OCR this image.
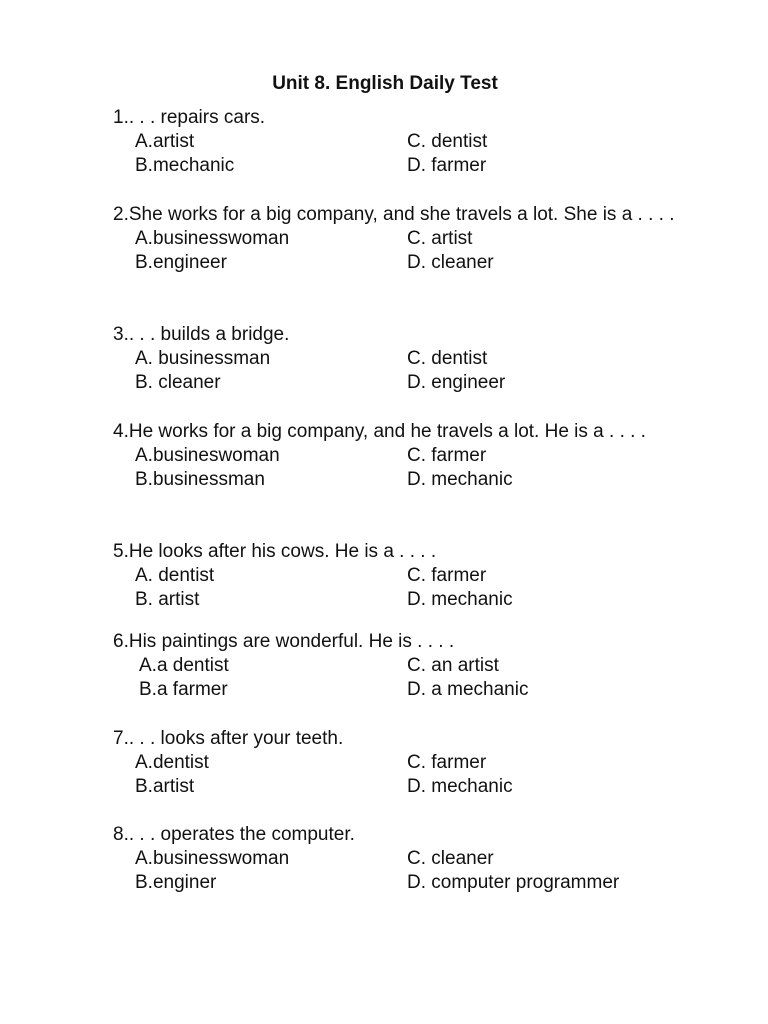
Unit 8. English Daily Test
1. . . . repairs cars.
A.artist	C. dentist
B.mechanic	D. farmer
2. She works for a big company, and she travels a lot. She is a . . . .
A.businesswoman	C. artist
B.engineer	D. cleaner
3. . . . builds a bridge.
A. businessman	C. dentist
B. cleaner	D. engineer
4. He works for a big company, and he travels a lot. He is a . . . .
A.busineswoman	C. farmer
B.businessman	D. mechanic
5. He looks after his cows. He is a . . . .
A. dentist	C. farmer
B. artist	D. mechanic
6. His paintings are wonderful. He is . . . .
A.a dentist	C. an artist
B.a farmer	D. a mechanic
7. . . . looks after your teeth.
A.dentist	C. farmer
B.artist	D. mechanic
8. . . . operates the computer.
A.businesswoman	C. cleaner
B.enginer	D. computer programmer
